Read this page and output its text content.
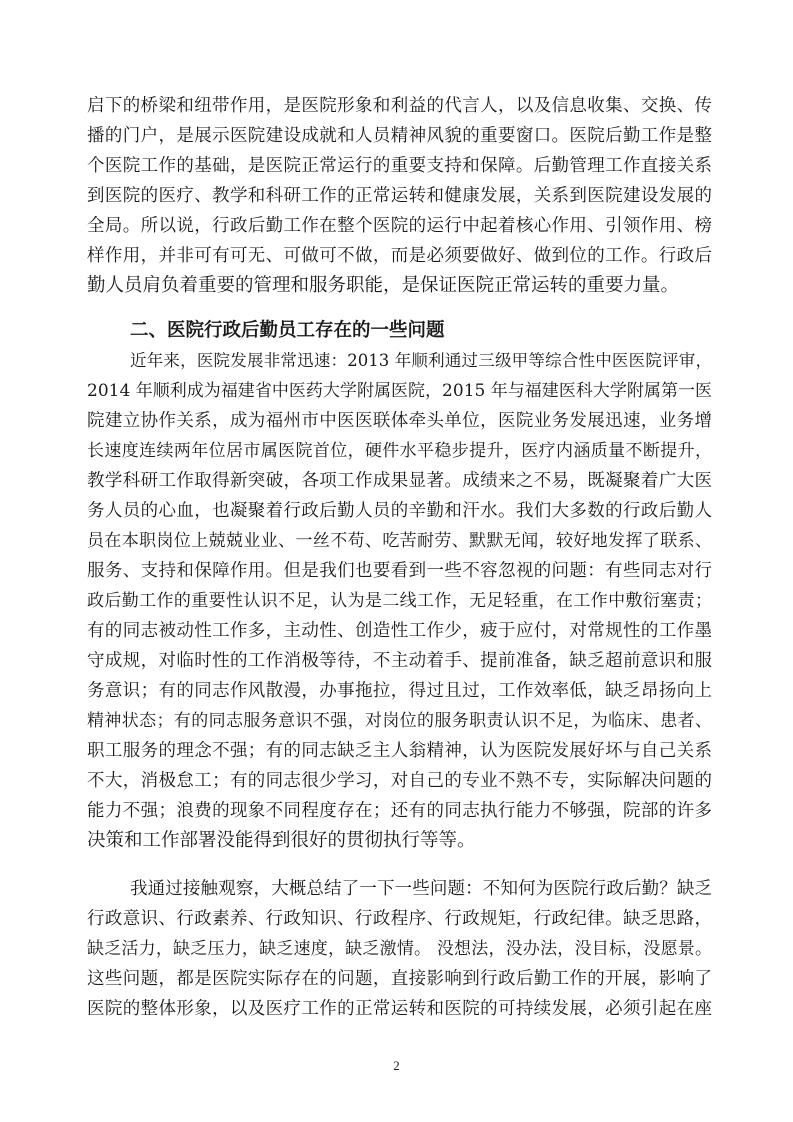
启下的桥梁和纽带作用，是医院形象和利益的代言人，以及信息收集、交换、传
播的门户，是展示医院建设成就和人员精神风貌的重要窗口。医院后勤工作是整
个医院工作的基础，是医院正常运行的重要支持和保障。后勤管理工作直接关系
到医院的医疗、教学和科研工作的正常运转和健康发展，关系到医院建设发展的
全局。所以说，行政后勤工作在整个医院的运行中起着核心作用、引领作用、榜
样作用，并非可有可无、可做可不做，而是必须要做好、做到位的工作。行政后
勤人员肩负着重要的管理和服务职能，是保证医院正常运转的重要力量。
二、医院行政后勤员工存在的一些问题
近年来，医院发展非常迅速：2013 年顺利通过三级甲等综合性中医医院评审，
2014 年顺利成为福建省中医药大学附属医院，2015 年与福建医科大学附属第一医
院建立协作关系，成为福州市中医医联体牵头单位，医院业务发展迅速，业务增
长速度连续两年位居市属医院首位，硬件水平稳步提升，医疗内涵质量不断提升，
教学科研工作取得新突破，各项工作成果显著。成绩来之不易，既凝聚着广大医
务人员的心血，也凝聚着行政后勤人员的辛勤和汗水。我们大多数的行政后勤人
员在本职岗位上兢兢业业、一丝不苟、吃苦耐劳、默默无闻，较好地发挥了联系、
服务、支持和保障作用。但是我们也要看到一些不容忽视的问题：有些同志对行
政后勤工作的重要性认识不足，认为是二线工作，无足轻重，在工作中敷衍塞责；
有的同志被动性工作多，主动性、创造性工作少，疲于应付，对常规性的工作墨
守成规，对临时性的工作消极等待，不主动着手、提前准备，缺乏超前意识和服
务意识；有的同志作风散漫，办事拖拉，得过且过，工作效率低，缺乏昂扬向上
精神状态；有的同志服务意识不强，对岗位的服务职责认识不足，为临床、患者、
职工服务的理念不强；有的同志缺乏主人翁精神，认为医院发展好坏与自己关系
不大，消极怠工；有的同志很少学习，对自己的专业不熟不专，实际解决问题的
能力不强；浪费的现象不同程度存在；还有的同志执行能力不够强，院部的许多
决策和工作部署没能得到很好的贯彻执行等等。
我通过接触观察，大概总结了一下一些问题：不知何为医院行政后勤？缺乏
行政意识、行政素养、行政知识、行政程序、行政规矩，行政纪律。缺乏思路，
缺乏活力，缺乏压力，缺乏速度，缺乏激情。 没想法，没办法，没目标，没愿景。
这些问题，都是医院实际存在的问题，直接影响到行政后勤工作的开展，影响了
医院的整体形象，以及医疗工作的正常运转和医院的可持续发展，必须引起在座
2
